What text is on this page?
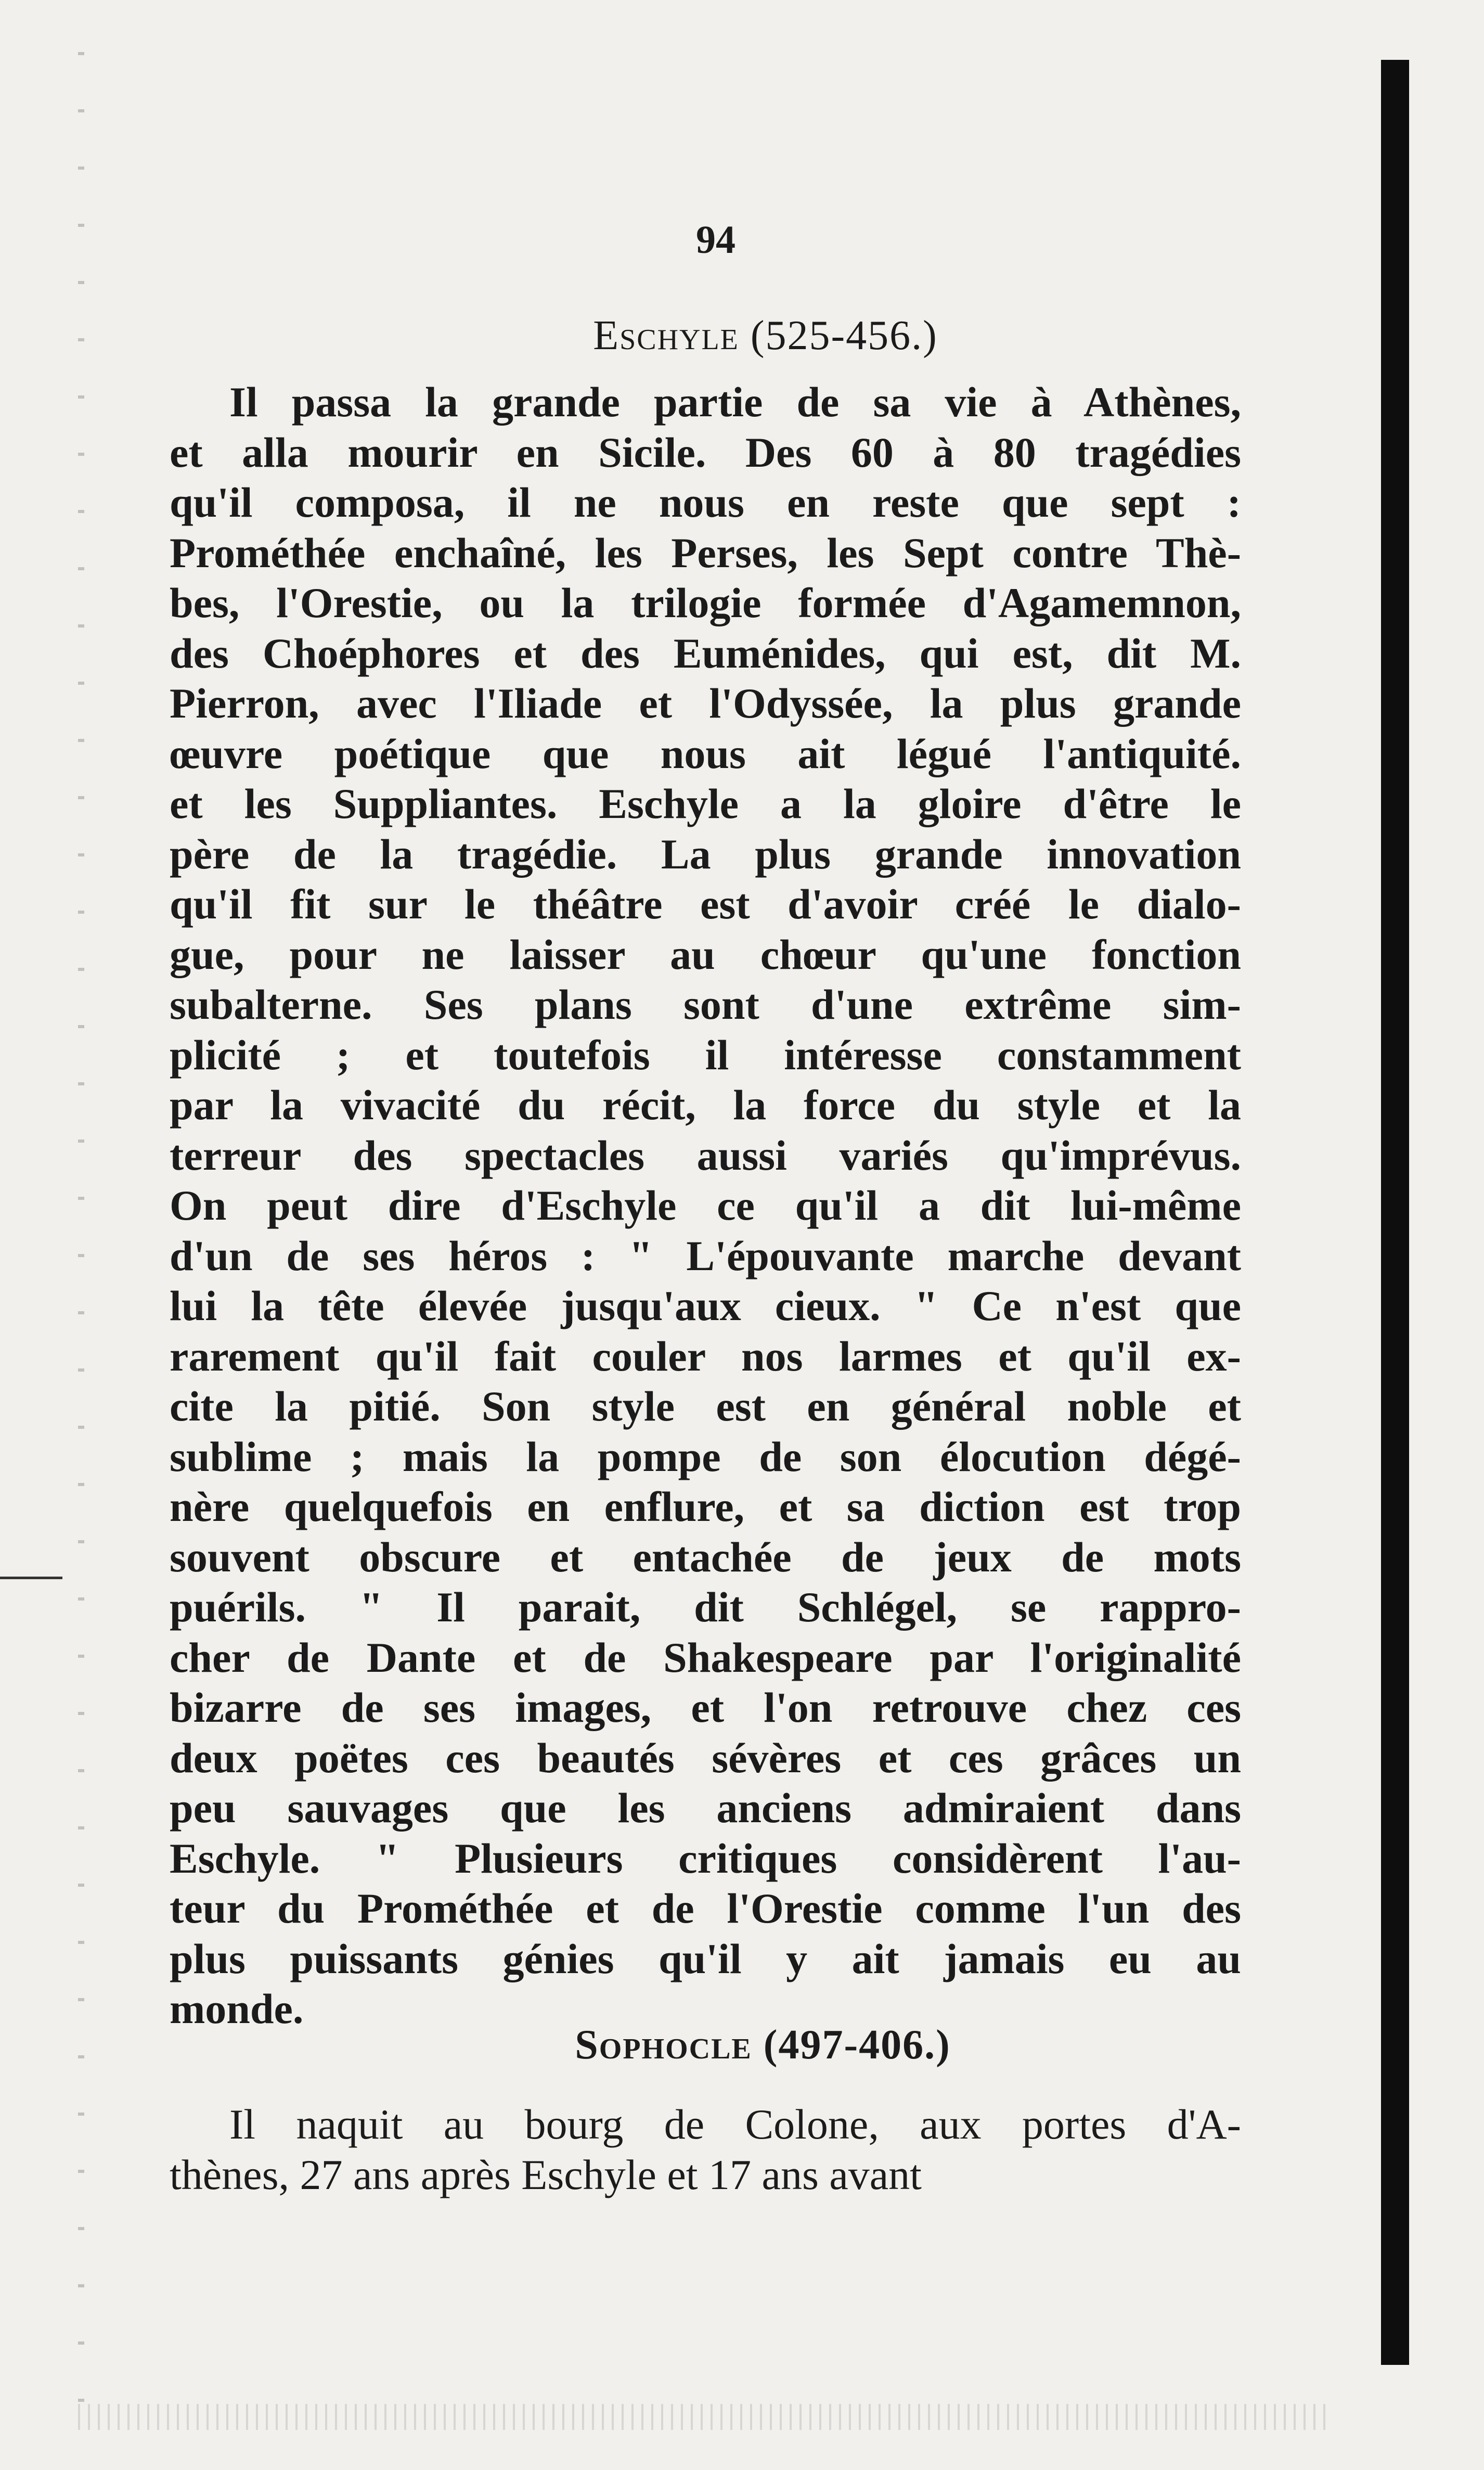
94
Eschyle (525-456.)
Il passa la grande partie de sa vie à Athènes,
et alla mourir en Sicile. Des 60 à 80 tragédies
qu'il composa, il ne nous en reste que sept :
Prométhée enchaîné, les Perses, les Sept contre Thè-
bes, l'Orestie, ou la trilogie formée d'Agamemnon,
des Choéphores et des Euménides, qui est, dit M.
Pierron, avec l'Iliade et l'Odyssée, la plus grande
œuvre poétique que nous ait légué l'antiquité.
et les Suppliantes. Eschyle a la gloire d'être le
père de la tragédie. La plus grande innovation
qu'il fit sur le théâtre est d'avoir créé le dialo-
gue, pour ne laisser au chœur qu'une fonction
subalterne. Ses plans sont d'une extrême sim-
plicité ; et toutefois il intéresse constamment
par la vivacité du récit, la force du style et la
terreur des spectacles aussi variés qu'imprévus.
On peut dire d'Eschyle ce qu'il a dit lui-même
d'un de ses héros : " L'épouvante marche devant
lui la tête élevée jusqu'aux cieux. " Ce n'est que
rarement qu'il fait couler nos larmes et qu'il ex-
cite la pitié. Son style est en général noble et
sublime ; mais la pompe de son élocution dégé-
nère quelquefois en enflure, et sa diction est trop
souvent obscure et entachée de jeux de mots
puérils. " Il parait, dit Schlégel, se rappro-
cher de Dante et de Shakespeare par l'originalité
bizarre de ses images, et l'on retrouve chez ces
deux poëtes ces beautés sévères et ces grâces un
peu sauvages que les anciens admiraient dans
Eschyle. " Plusieurs critiques considèrent l'au-
teur du Prométhée et de l'Orestie comme l'un des
plus puissants génies qu'il y ait jamais eu au
monde.
Sophocle (497-406.)
Il naquit au bourg de Colone, aux portes d'A-
thènes, 27 ans après Eschyle et 17 ans avant
